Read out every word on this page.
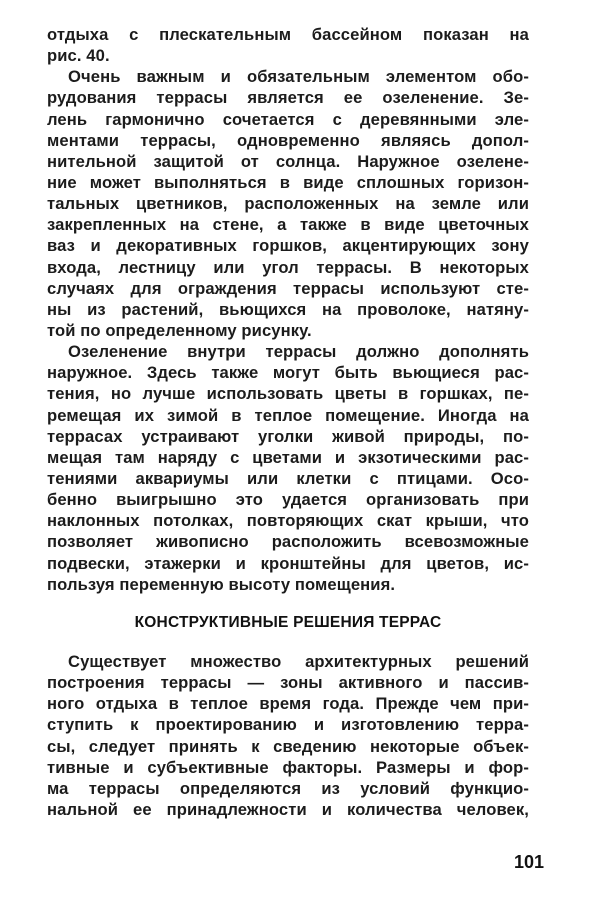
отдыха с плескательным бассейном показан на
рис. 40.
Очень важным и обязательным элементом обо-
рудования террасы является ее озеленение. Зе-
лень гармонично сочетается с деревянными эле-
ментами террасы, одновременно являясь допол-
нительной защитой от солнца. Наружное озелене-
ние может выполняться в виде сплошных горизон-
тальных цветников, расположенных на земле или
закрепленных на стене, а также в виде цветочных
ваз и декоративных горшков, акцентирующих зону
входа, лестницу или угол террасы. В некоторых
случаях для ограждения террасы используют сте-
ны из растений, вьющихся на проволоке, натяну-
той по определенному рисунку.
Озеленение внутри террасы должно дополнять
наружное. Здесь также могут быть вьющиеся рас-
тения, но лучше использовать цветы в горшках, пе-
ремещая их зимой в теплое помещение. Иногда на
террасах устраивают уголки живой природы, по-
мещая там наряду с цветами и экзотическими рас-
тениями аквариумы или клетки с птицами. Осо-
бенно выигрышно это удается организовать при
наклонных потолках, повторяющих скат крыши, что
позволяет живописно расположить всевозможные
подвески, этажерки и кронштейны для цветов, ис-
пользуя переменную высоту помещения.
КОНСТРУКТИВНЫЕ РЕШЕНИЯ ТЕРРАС
Существует множество архитектурных решений
построения террасы — зоны активного и пассив-
ного отдыха в теплое время года. Прежде чем при-
ступить к проектированию и изготовлению терра-
сы, следует принять к сведению некоторые объек-
тивные и субъективные факторы. Размеры и фор-
ма террасы определяются из условий функцио-
нальной ее принадлежности и количества человек,
101
